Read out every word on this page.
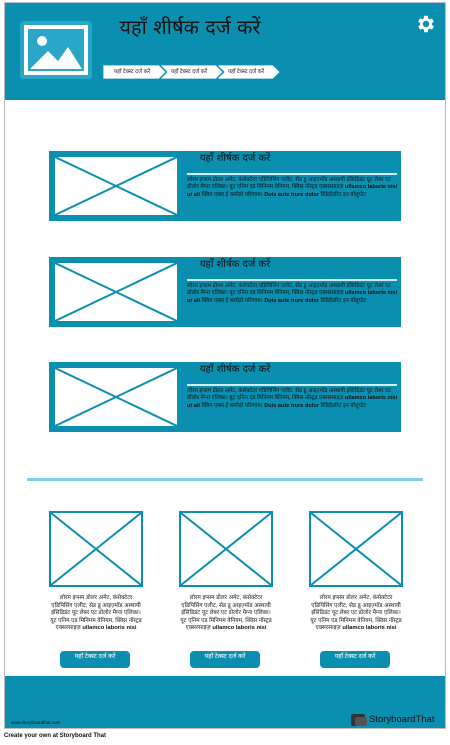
यहाँ शीर्षक दर्ज करें
यहाँ टेक्स्ट दर्ज करें	यहाँ टेक्स्ट दर्ज करें	यहाँ टेक्स्ट दर्ज करें
यहाँ शीर्षक दर्ज करें
लोरम इप्सम डोलर अमेट, कंसेक्टेटर एडिपिसिंग एलीट, सेड डू आइज़्मॉड अस्थायी इंसिडिडंट यूट लेबर एट डोलोर मैग्ना एलिका। यूट एनिम एड मिनिमम वेनियम, क्विस नॉस्ट्रड एक्सरसाइज़ ullamco laboris nisi ut ali क्विप एक्स ई कमोडो परिणाम। Duis aute irure dolor रिप्रिहेंडरिट इन वॉलुप्टेट
यहाँ शीर्षक दर्ज करें
लोरम इप्सम डोलर अमेट, कंसेक्टेटर एडिपिसिंग एलीट, सेड डू आइज़्मॉड अस्थायी इंसिडिडंट यूट लेबर एट डोलोर मैग्ना एलिका। यूट एनिम एड मिनिमम वेनियम, क्विस नॉस्ट्रड एक्सरसाइज़ ullamco laboris nisi ut ali क्विप एक्स ई कमोडो परिणाम। Duis aute irure dolor रिप्रिहेंडरिट इन वॉलुप्टेट
यहाँ शीर्षक दर्ज करें
लोरम इप्सम डोलर अमेट, कंसेक्टेटर एडिपिसिंग एलीट, सेड डू आइज़्मॉड अस्थायी इंसिडिडंट यूट लेबर एट डोलोर मैग्ना एलिका। यूट एनिम एड मिनिमम वेनियम, क्विस नॉस्ट्रड एक्सरसाइज़ ullamco laboris nisi ut ali क्विप एक्स ई कमोडो परिणाम। Duis aute irure dolor रिप्रिहेंडरिट इन वॉलुप्टेट
लोरम इप्सम डोलर अमेट, कंसेक्टेटर एडिपिसिंग एलीट, सेड डू आइज़्मॉड अस्थायी इंसिडिडंट यूट लेबर एट डोलोर मैग्ना एलिका। यूट एनिम एड मिनिमम वेनियम, क्विस नॉस्ट्रड एक्सरसाइज़ ullamco laboris nisi
यहाँ टेक्स्ट दर्ज करें
लोरम इप्सम डोलर अमेट, कंसेक्टेटर एडिपिसिंग एलीट, सेड डू आइज़्मॉड अस्थायी इंसिडिडंट यूट लेबर एट डोलोर मैग्ना एलिका। यूट एनिम एड मिनिमम वेनियम, क्विस नॉस्ट्रड एक्सरसाइज़ ullamco laboris nisi
यहाँ टेक्स्ट दर्ज करें
लोरम इप्सम डोलर अमेट, कंसेक्टेटर एडिपिसिंग एलीट, सेड डू आइज़्मॉड अस्थायी इंसिडिडंट यूट लेबर एट डोलोर मैग्ना एलिका। यूट एनिम एड मिनिमम वेनियम, क्विस नॉस्ट्रड एक्सरसाइज़ ullamco laboris nisi
यहाँ टेक्स्ट दर्ज करें
www.storyboardthat.com	StoryboardThat
Create your own at Storyboard That
